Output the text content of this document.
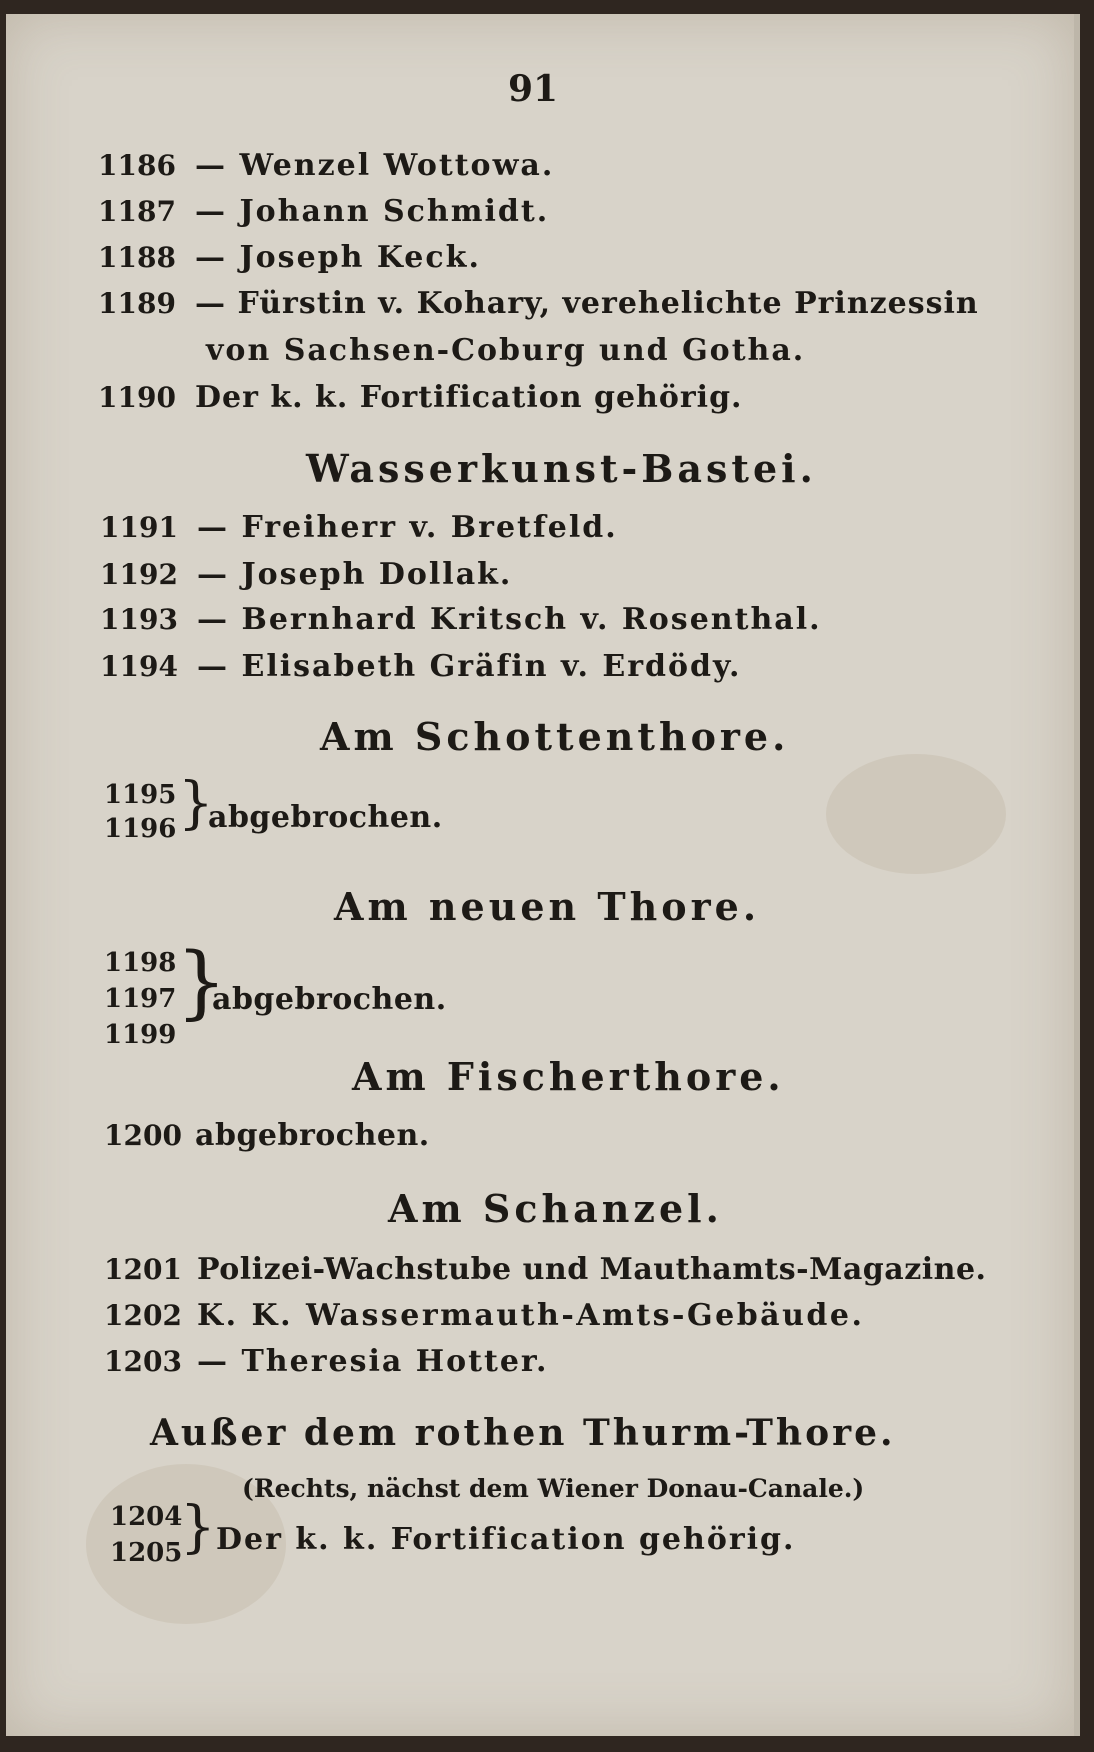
91
1186 — Wenzel Wottowa.
1187 — Johann Schmidt.
1188 — Joseph Keck.
1189 — Fürstin v. Kohary, verehelichte Prinzessin
von Sachsen-Coburg und Gotha.
1190 Der k. k. Fortification gehörig.
Wasserkunst-Bastei.
1191 — Freiherr v. Bretfeld.
1192 — Joseph Dollak.
1193 — Bernhard Kritsch v. Rosenthal.
1194 — Elisabeth Gräfin v. Erdödy.
Am Schottenthore.
1195
1196 }
abgebrochen.
Am neuen Thore.
1198
1197
1199
}
abgebrochen.
Am Fischerthore.
1200 abgebrochen.
Am Schanzel.
1201 Polizei-Wachstube und Mauthamts-Magazine.
1202 K. K. Wassermauth-Amts-Gebäude.
1203 — Theresia Hotter.
Außer dem rothen Thurm-Thore.
(Rechts, nächst dem Wiener Donau-Canale.)
1204
1205
} Der k. k. Fortification gehörig.
